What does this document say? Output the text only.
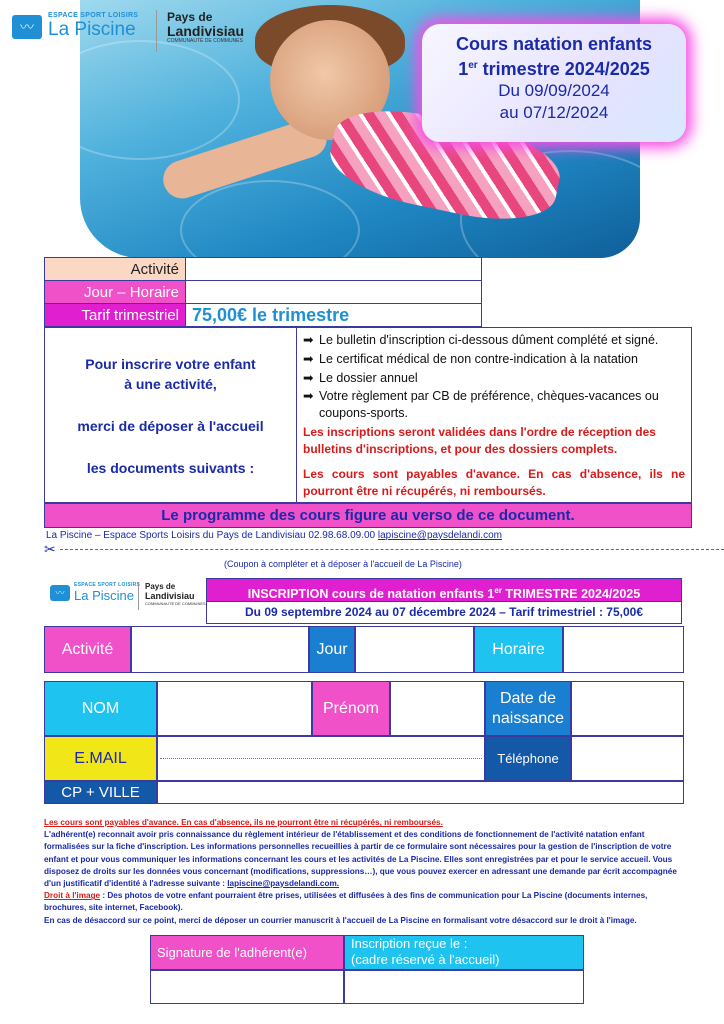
〰
ESPACE SPORT LOISIRS
La Piscine
Pays de
Landivisiau
COMMUNAUTÉ DE COMMUNES	Cours natation enfants
1er trimestre 2024/2025
Du 09/09/2024
au 07/12/2024
Activité	
Jour – Horaire	
Tarif trimestriel	75,00€ le trimestre

Pour inscrire votre enfant

à une activité,

merci de déposer à l'accueil

les documents suivants :

➡ Le bulletin d'inscription ci-dessous dûment complété et signé.
➡ Le certificat médical de non contre-indication à la natation
➡ Le dossier annuel
➡ Votre règlement par CB de préférence, chèques-vacances ou coupons-sports.
Les inscriptions seront validées dans l'ordre de réception des bulletins d'inscriptions, et pour des dossiers complets.
Les cours sont payables d'avance. En cas d'absence, ils ne pourront être ni récupérés, ni remboursés.
Le programme des cours figure au verso de ce document.
La Piscine – Espace Sports Loisirs du Pays de Landivisiau 02.98.68.09.00 lapiscine@paysdelandi.com
✂
(Coupon à compléter et à déposer à l'accueil de La Piscine)
〰
ESPACE SPORT LOISIRS
La Piscine
Pays de
Landivisiau
COMMUNAUTÉ DE COMMUNES
INSCRIPTION cours de natation enfants 1er TRIMESTRE 2024/2025
Du 09 septembre 2024 au 07 décembre 2024 – Tarif trimestriel : 75,00€
Activité	Jour	Horaire
NOM	Prénom
Date de
naissance
E.MAIL	Téléphone
CP + VILLE
Les cours sont payables d'avance. En cas d'absence, ils ne pourront être ni récupérés, ni remboursés.
L'adhérent(e) reconnait avoir pris connaissance du règlement intérieur de l'établissement et des conditions de fonctionnement de l'activité natation enfant formalisées sur la fiche d'inscription. Les informations personnelles recueillies à partir de ce formulaire sont nécessaires pour la gestion de l'inscription de votre enfant et pour vous communiquer les informations concernant les cours et les activités de La Piscine. Elles sont enregistrées par et pour le service accueil. Vous disposez de droits sur les données vous concernant (modifications, suppressions…), que vous pouvez exercer en adressant une demande par écrit accompagnée d'un justificatif d'identité à l'adresse suivante : lapiscine@paysdelandi.com.
Droit à l'image : Des photos de votre enfant pourraient être prises, utilisées et diffusées à des fins de communication pour La Piscine (documents internes, brochures, site internet, Facebook).
En cas de désaccord sur ce point, merci de déposer un courrier manuscrit à l'accueil de La Piscine en formalisant votre désaccord sur le droit à l'image.
Signature de l'adhérent(e)
Inscription reçue le :
(cadre réservé à l'accueil)
